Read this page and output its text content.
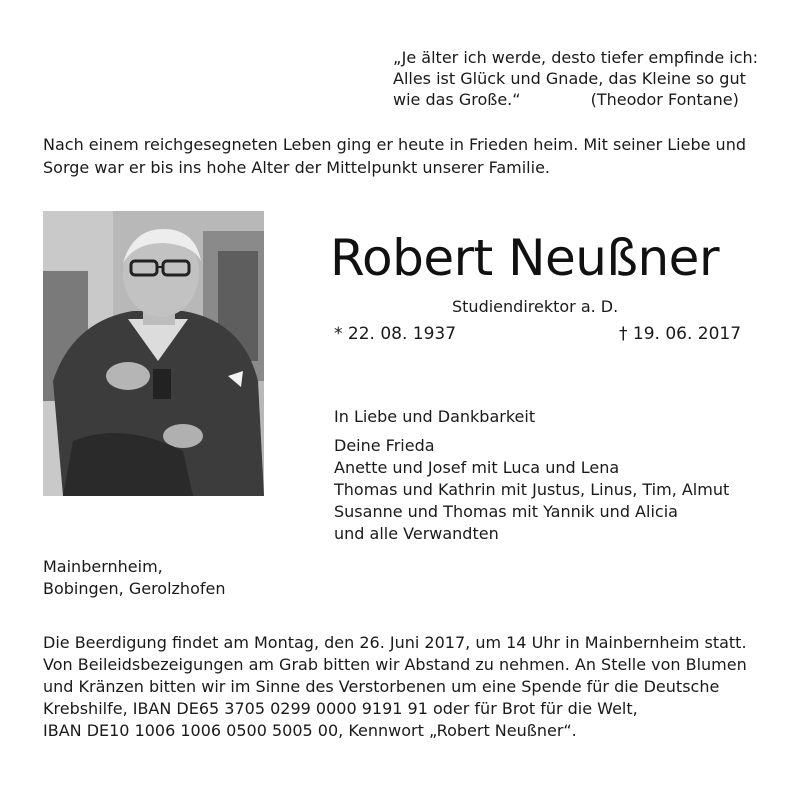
„Je älter ich werde, desto tiefer empfinde ich:
Alles ist Glück und Gnade, das Kleine so gut
wie das Große.“	(Theodor Fontane)
Nach einem reichgesegneten Leben ging er heute in Frieden heim. Mit seiner Liebe und
Sorge war er bis ins hohe Alter der Mittelpunkt unserer Familie.
Robert Neußner
Studiendirektor a. D.
* 22. 08. 1937	† 19. 06. 2017
In Liebe und Dankbarkeit
Deine Frieda
Anette und Josef mit Luca und Lena
Thomas und Kathrin mit Justus, Linus, Tim, Almut
Susanne und Thomas mit Yannik und Alicia
und alle Verwandten
Mainbernheim,
Bobingen, Gerolzhofen
Die Beerdigung findet am Montag, den 26. Juni 2017, um 14 Uhr in Mainbernheim statt.
Von Beileidsbezeigungen am Grab bitten wir Abstand zu nehmen. An Stelle von Blumen
und Kränzen bitten wir im Sinne des Verstorbenen um eine Spende für die Deutsche
Krebshilfe, IBAN DE65 3705 0299 0000 9191 91 oder für Brot für die Welt,
IBAN DE10 1006 1006 0500 5005 00, Kennwort „Robert Neußner“.
